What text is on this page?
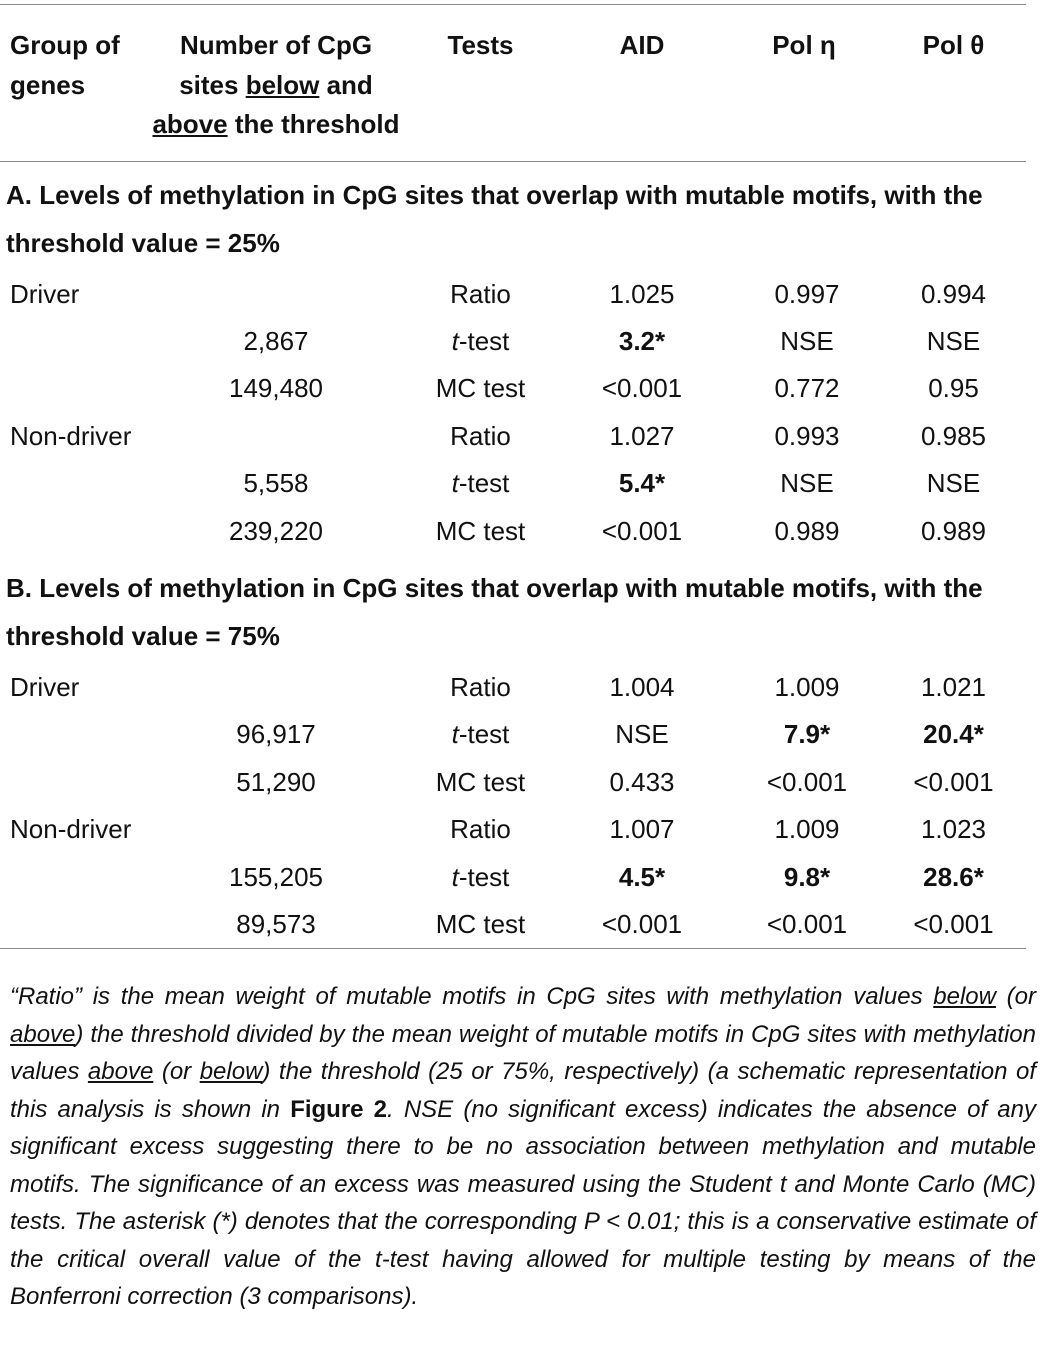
Group of genes	Number of CpG sites below and above the threshold	Tests	AID	Pol η	Pol θ
A. Levels of methylation in CpG sites that overlap with mutable motifs, with the threshold value = 25%					
Driver		Ratio	1.025	0.997	0.994
	2,867	t-test	3.2*	NSE	NSE
	149,480	MC test	<0.001	0.772	0.95
Non-driver		Ratio	1.027	0.993	0.985
	5,558	t-test	5.4*	NSE	NSE
	239,220	MC test	<0.001	0.989	0.989
B. Levels of methylation in CpG sites that overlap with mutable motifs, with the threshold value = 75%					
Driver		Ratio	1.004	1.009	1.021
	96,917	t-test	NSE	7.9*	20.4*
	51,290	MC test	0.433	<0.001	<0.001
Non-driver		Ratio	1.007	1.009	1.023
	155,205	t-test	4.5*	9.8*	28.6*
	89,573	MC test	<0.001	<0.001	<0.001

“Ratio” is the mean weight of mutable motifs in CpG sites with methylation values below (or above) the threshold divided by the mean weight of mutable motifs in CpG sites with methylation values above (or below) the threshold (25 or 75%, respectively) (a schematic representation of this analysis is shown in Figure 2. NSE (no significant excess) indicates the absence of any significant excess suggesting there to be no association between methylation and mutable motifs. The significance of an excess was measured using the Student t and Monte Carlo (MC) tests. The asterisk (*) denotes that the corresponding P < 0.01; this is a conservative estimate of the critical overall value of the t-test having allowed for multiple testing by means of the Bonferroni correction (3 comparisons).
